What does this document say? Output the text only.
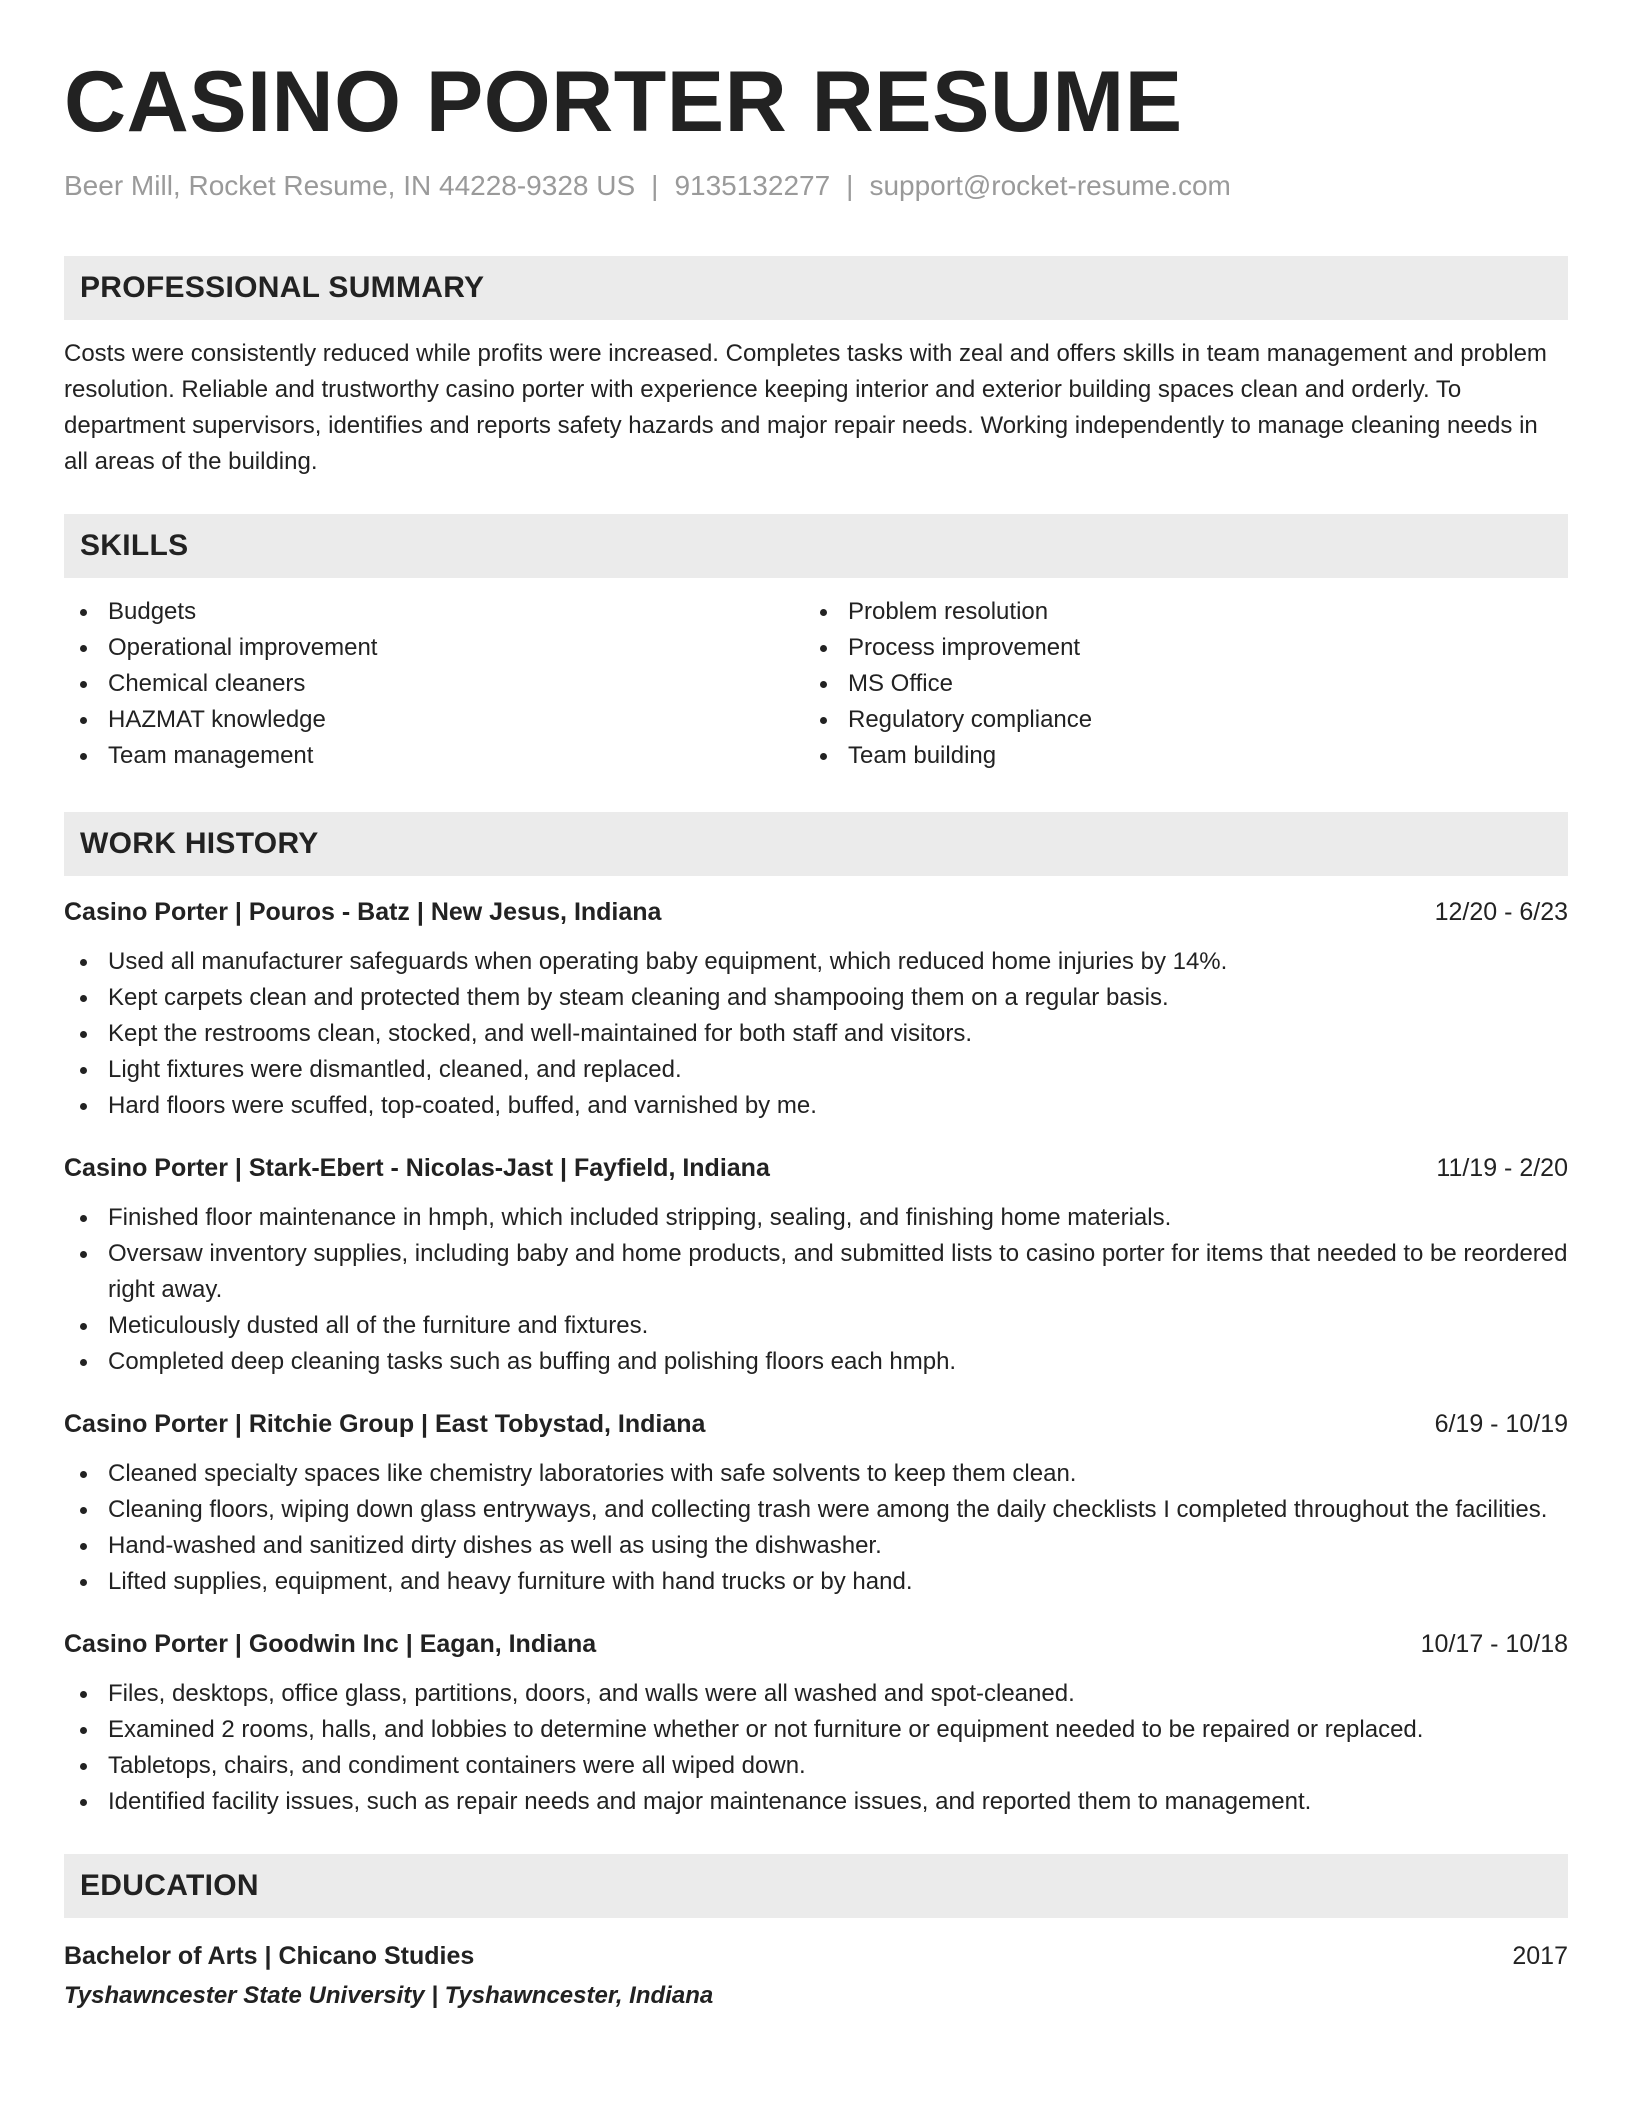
CASINO PORTER RESUME
Beer Mill, Rocket Resume, IN 44228-9328 US | 9135132277 | support@rocket-resume.com
PROFESSIONAL SUMMARY
Costs were consistently reduced while profits were increased. Completes tasks with zeal and offers skills in team management and problem resolution. Reliable and trustworthy casino porter with experience keeping interior and exterior building spaces clean and orderly. To department supervisors, identifies and reports safety hazards and major repair needs. Working independently to manage cleaning needs in all areas of the building.
SKILLS
Budgets
Operational improvement
Chemical cleaners
HAZMAT knowledge
Team management
Problem resolution
Process improvement
MS Office
Regulatory compliance
Team building
WORK HISTORY
Casino Porter | Pouros - Batz | New Jesus, Indiana	12/20 - 6/23
Used all manufacturer safeguards when operating baby equipment, which reduced home injuries by 14%.
Kept carpets clean and protected them by steam cleaning and shampooing them on a regular basis.
Kept the restrooms clean, stocked, and well-maintained for both staff and visitors.
Light fixtures were dismantled, cleaned, and replaced.
Hard floors were scuffed, top-coated, buffed, and varnished by me.
Casino Porter | Stark-Ebert - Nicolas-Jast | Fayfield, Indiana	11/19 - 2/20
Finished floor maintenance in hmph, which included stripping, sealing, and finishing home materials.
Oversaw inventory supplies, including baby and home products, and submitted lists to casino porter for items that needed to be reordered right away.
Meticulously dusted all of the furniture and fixtures.
Completed deep cleaning tasks such as buffing and polishing floors each hmph.
Casino Porter | Ritchie Group | East Tobystad, Indiana	6/19 - 10/19
Cleaned specialty spaces like chemistry laboratories with safe solvents to keep them clean.
Cleaning floors, wiping down glass entryways, and collecting trash were among the daily checklists I completed throughout the facilities.
Hand-washed and sanitized dirty dishes as well as using the dishwasher.
Lifted supplies, equipment, and heavy furniture with hand trucks or by hand.
Casino Porter | Goodwin Inc | Eagan, Indiana	10/17 - 10/18
Files, desktops, office glass, partitions, doors, and walls were all washed and spot-cleaned.
Examined 2 rooms, halls, and lobbies to determine whether or not furniture or equipment needed to be repaired or replaced.
Tabletops, chairs, and condiment containers were all wiped down.
Identified facility issues, such as repair needs and major maintenance issues, and reported them to management.
EDUCATION
Bachelor of Arts | Chicano Studies	2017
Tyshawncester State University | Tyshawncester, Indiana
